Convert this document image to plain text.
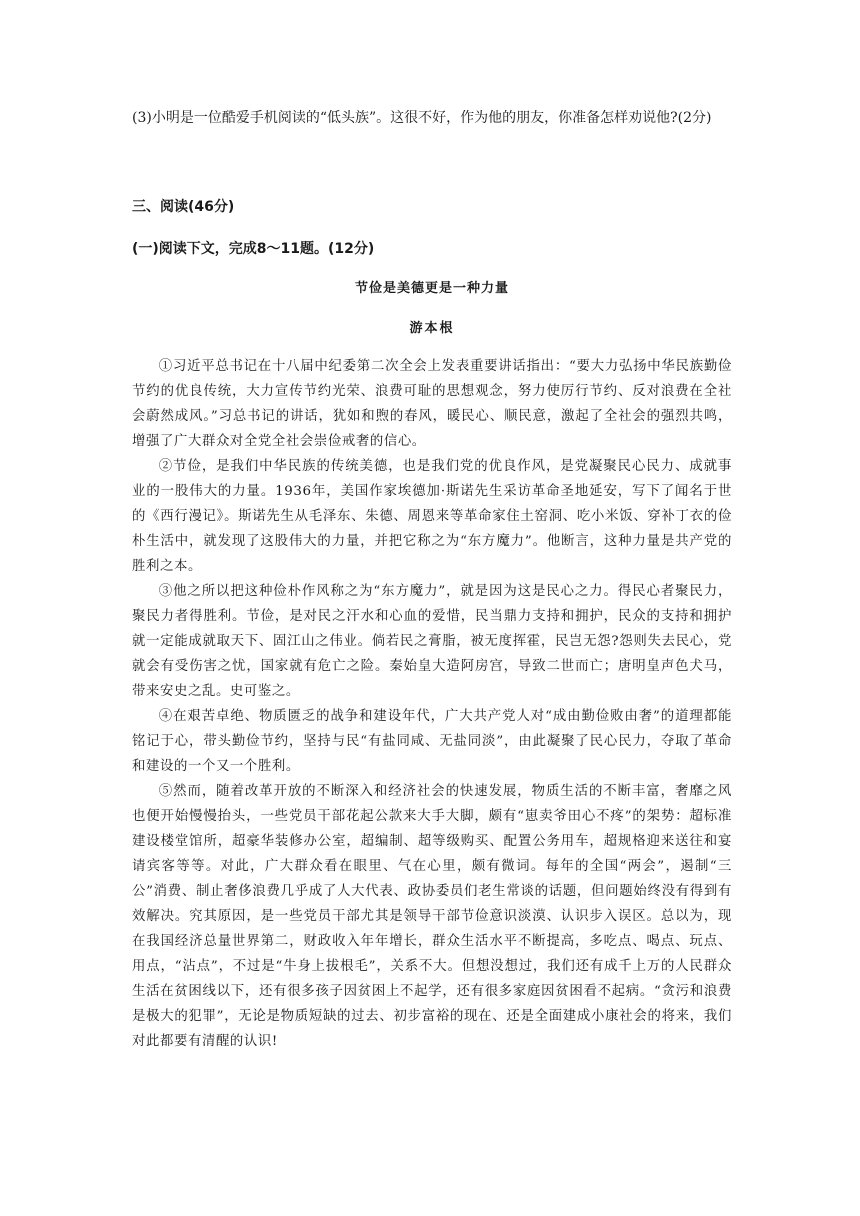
(3)小明是一位酷爱手机阅读的“低头族”。这很不好，作为他的朋友，你准备怎样劝说他?(2分)

三、阅读(46分)

(一)阅读下文，完成8～11题。(12分)

节俭是美德更是一种力量

游本根

①习近平总书记在十八届中纪委第二次全会上发表重要讲话指出：“要大力弘扬中华民族勤俭节约的优良传统，大力宣传节约光荣、浪费可耻的思想观念，努力使厉行节约、反对浪费在全社会蔚然成风。”习总书记的讲话，犹如和煦的春风，暖民心、顺民意，激起了全社会的强烈共鸣，增强了广大群众对全党全社会崇俭戒奢的信心。

②节俭，是我们中华民族的传统美德，也是我们党的优良作风，是党凝聚民心民力、成就事业的一股伟大的力量。1936年，美国作家埃德加·斯诺先生采访革命圣地延安，写下了闻名于世的《西行漫记》。斯诺先生从毛泽东、朱德、周恩来等革命家住土窑洞、吃小米饭、穿补丁衣的俭朴生活中，就发现了这股伟大的力量，并把它称之为“东方魔力”。他断言，这种力量是共产党的胜利之本。

③他之所以把这种俭朴作风称之为“东方魔力”，就是因为这是民心之力。得民心者聚民力，聚民力者得胜利。节俭，是对民之汗水和心血的爱惜，民当鼎力支持和拥护，民众的支持和拥护就一定能成就取天下、固江山之伟业。倘若民之膏脂，被无度挥霍，民岂无怨?怨则失去民心，党就会有受伤害之忧，国家就有危亡之险。秦始皇大造阿房宫，导致二世而亡；唐明皇声色犬马，带来安史之乱。史可鉴之。

④在艰苦卓绝、物质匮乏的战争和建设年代，广大共产党人对“成由勤俭败由奢”的道理都能铭记于心，带头勤俭节约，坚持与民“有盐同咸、无盐同淡”，由此凝聚了民心民力，夺取了革命和建设的一个又一个胜利。

⑤然而，随着改革开放的不断深入和经济社会的快速发展，物质生活的不断丰富，奢靡之风也便开始慢慢抬头，一些党员干部花起公款来大手大脚，颇有“崽卖爷田心不疼”的架势：超标准建设楼堂馆所，超豪华装修办公室，超编制、超等级购买、配置公务用车，超规格迎来送往和宴请宾客等等。对此，广大群众看在眼里、气在心里，颇有微词。每年的全国“两会”，遏制“三公”消费、制止奢侈浪费几乎成了人大代表、政协委员们老生常谈的话题，但问题始终没有得到有效解决。究其原因，是一些党员干部尤其是领导干部节俭意识淡漠、认识步入误区。总以为，现在我国经济总量世界第二，财政收入年年增长，群众生活水平不断提高，多吃点、喝点、玩点、用点，“沾点”，不过是“牛身上拔根毛”，关系不大。但想没想过，我们还有成千上万的人民群众生活在贫困线以下，还有很多孩子因贫困上不起学，还有很多家庭因贫困看不起病。“贪污和浪费是极大的犯罪”，无论是物质短缺的过去、初步富裕的现在、还是全面建成小康社会的将来，我们对此都要有清醒的认识!
